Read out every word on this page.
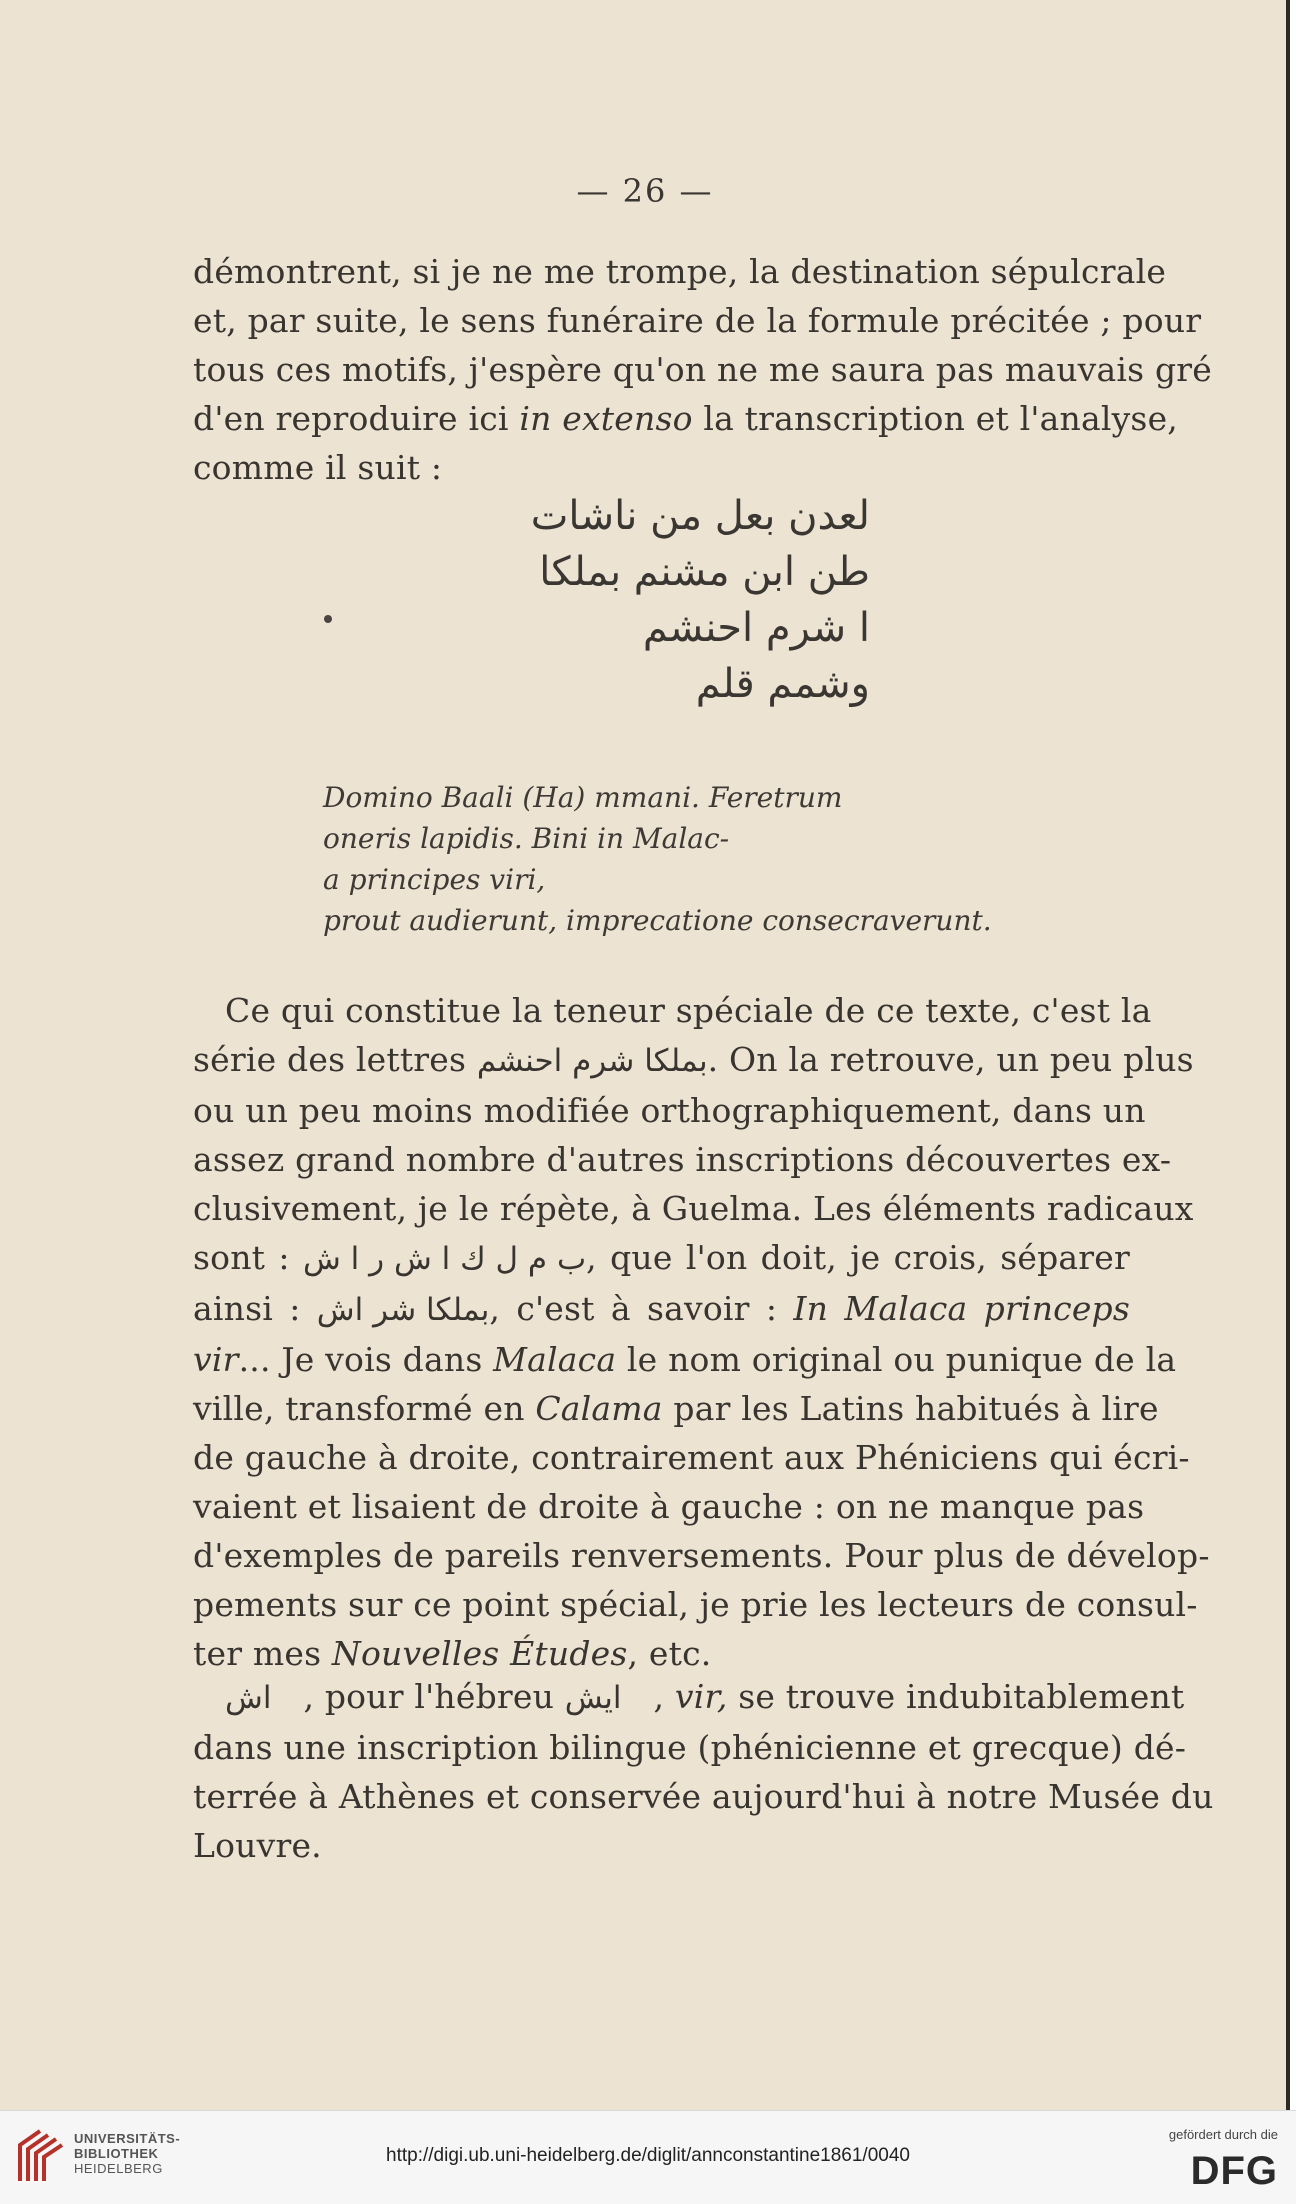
— 26 —

démontrent, si je ne me trompe, la destination sépulcrale

et, par suite, le sens funéraire de la formule précitée ; pour

tous ces motifs, j'espère qu'on ne me saura pas mauvais gré

d'en reproduire ici in extenso la transcription et l'analyse,

comme il suit :

لعدن بعل من ناشات
طن ابن مشنم بملكا
ا شرم احنشم
وشمم قلم
Domino Baali (Ha) mmani. Feretrum
oneris lapidis. Bini in Malac-
a principes viri,
prout audierunt, imprecatione consecraverunt.

Ce qui constitue la teneur spéciale de ce texte, c'est la

série des lettres بملكا شرم احنشم. On la retrouve, un peu plus

ou un peu moins modifiée orthographiquement, dans un

assez grand nombre d'autres inscriptions découvertes ex-

clusivement, je le répète, à Guelma. Les éléments radicaux

sont : ب م ل ك ا ش ر ا ش, que l'on doit, je crois, séparer

ainsi : بملكا شر اش, c'est à savoir : In Malaca princeps

vir... Je vois dans Malaca le nom original ou punique de la

ville, transformé en Calama par les Latins habitués à lire

de gauche à droite, contrairement aux Phéniciens qui écri-

vaient et lisaient de droite à gauche : on ne manque pas

d'exemples de pareils renversements. Pour plus de dévelop-

pements sur ce point spécial, je prie les lecteurs de consul-

ter mes Nouvelles Études, etc.

اش , pour l'hébreu ايش , vir, se trouve indubitablement

dans une inscription bilingue (phénicienne et grecque) dé-

terrée à Athènes et conservée aujourd'hui à notre Musée du

Louvre.

UNIVERSITÄTS-
BIBLIOTHEK
HEIDELBERG
http://digi.ub.uni-heidelberg.de/diglit/annconstantine1861/0040
gefördert durch die
DFG
